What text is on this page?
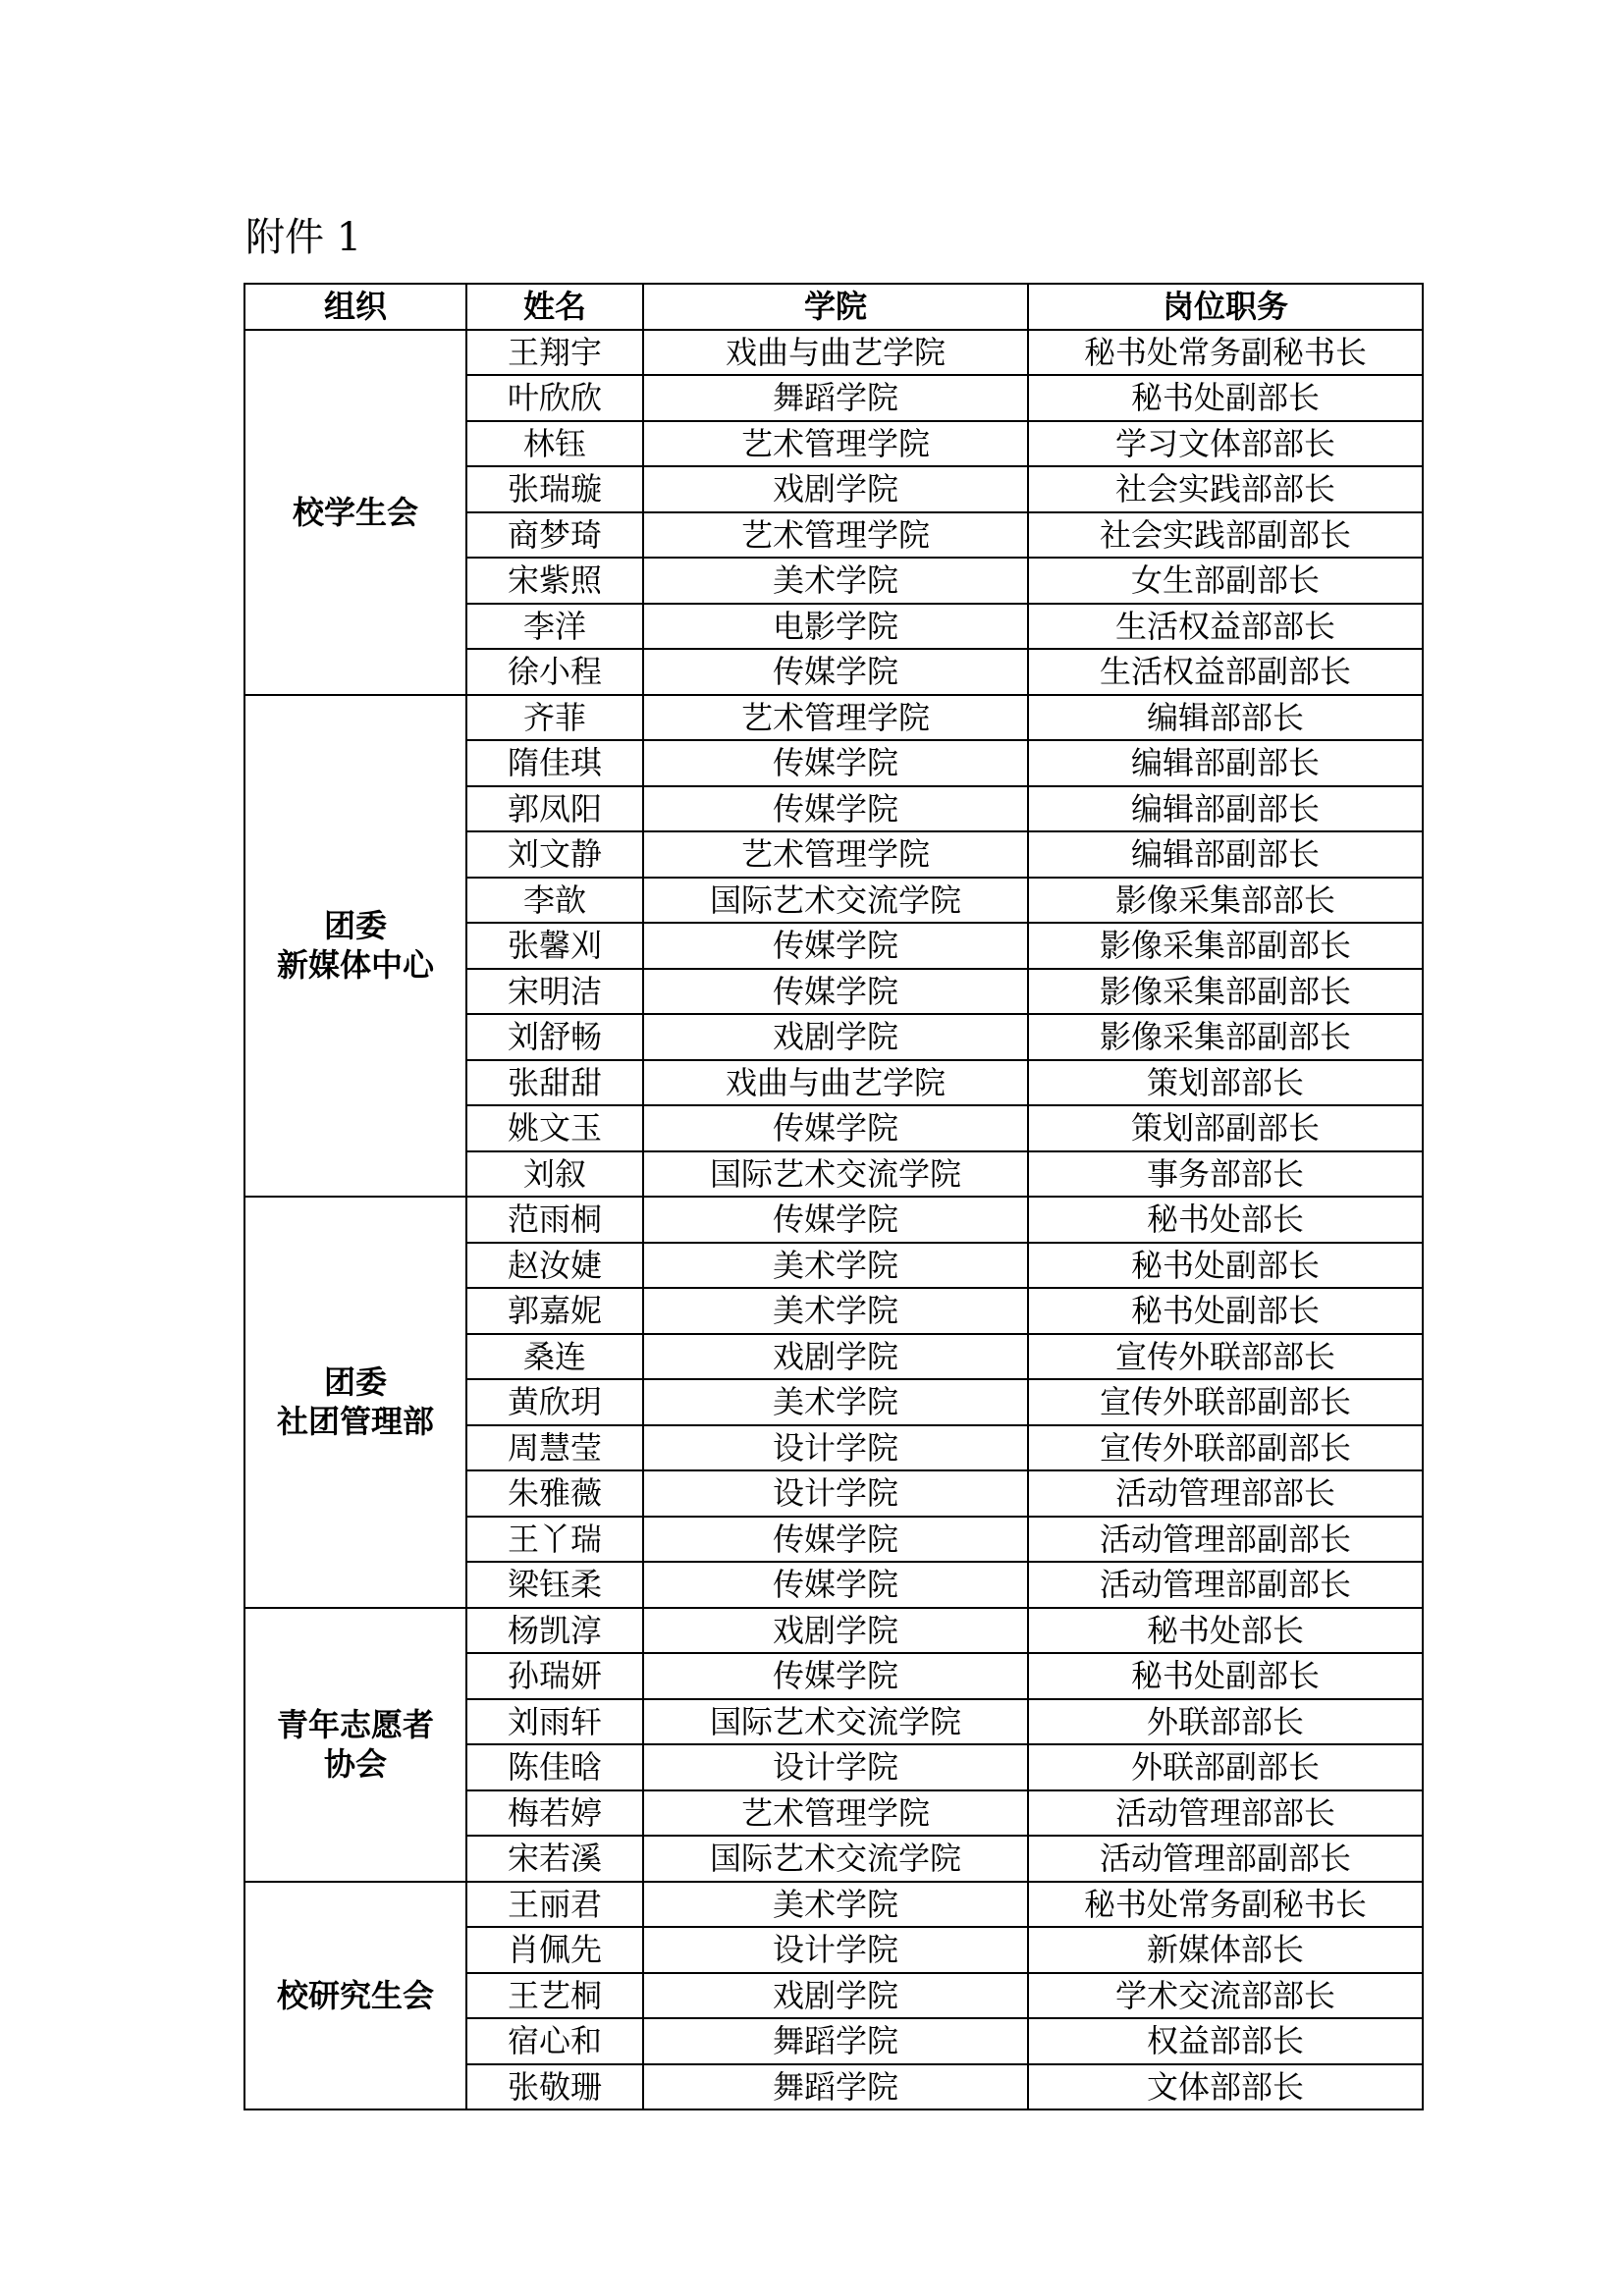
附件 1
组织	姓名	学院	岗位职务

校学生会	王翔宇	戏曲与曲艺学院	秘书处常务副秘书长
	叶欣欣	舞蹈学院	秘书处副部长
	林钰	艺术管理学院	学习文体部部长
	张瑞璇	戏剧学院	社会实践部部长
	商梦琦	艺术管理学院	社会实践部副部长
	宋紫照	美术学院	女生部副部长
	李洋	电影学院	生活权益部部长
	徐小程	传媒学院	生活权益部副部长

团委
新媒体中心	齐菲	艺术管理学院	编辑部部长
	隋佳琪	传媒学院	编辑部副部长
	郭凤阳	传媒学院	编辑部副部长
	刘文静	艺术管理学院	编辑部副部长
	李歆	国际艺术交流学院	影像采集部部长
	张馨刈	传媒学院	影像采集部副部长
	宋明洁	传媒学院	影像采集部副部长
	刘舒畅	戏剧学院	影像采集部副部长
	张甜甜	戏曲与曲艺学院	策划部部长
	姚文玉	传媒学院	策划部副部长
	刘叙	国际艺术交流学院	事务部部长

团委
社团管理部	范雨桐	传媒学院	秘书处部长
	赵汝婕	美术学院	秘书处副部长
	郭嘉妮	美术学院	秘书处副部长
	桑连	戏剧学院	宣传外联部部长
	黄欣玥	美术学院	宣传外联部副部长
	周慧莹	设计学院	宣传外联部副部长
	朱雅薇	设计学院	活动管理部部长
	王丫瑞	传媒学院	活动管理部副部长
	梁钰柔	传媒学院	活动管理部副部长

青年志愿者
协会	杨凯淳	戏剧学院	秘书处部长
	孙瑞妍	传媒学院	秘书处副部长
	刘雨轩	国际艺术交流学院	外联部部长
	陈佳晗	设计学院	外联部副部长
	梅若婷	艺术管理学院	活动管理部部长
	宋若溪	国际艺术交流学院	活动管理部副部长

校研究生会	王丽君	美术学院	秘书处常务副秘书长
	肖佩先	设计学院	新媒体部长
	王艺桐	戏剧学院	学术交流部部长
	宿心和	舞蹈学院	权益部部长
	张敬珊	舞蹈学院	文体部部长
